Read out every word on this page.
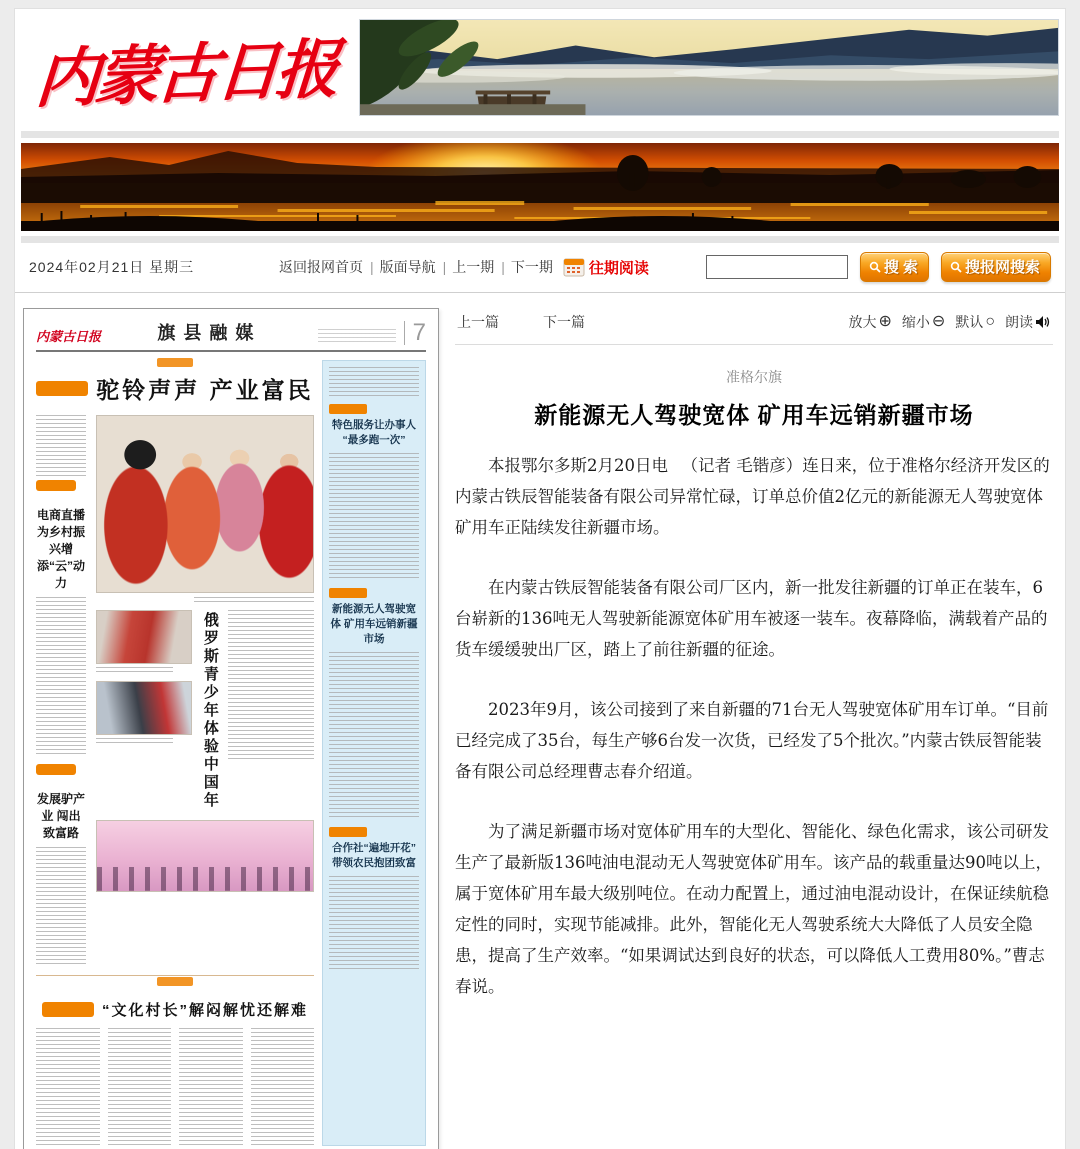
内蒙古日报
2024年02月21日 星期三	返回报网首页 |	版面导航 |	上一期 |	下一期 往期阅读	搜 索	搜报网搜索
内蒙古日报	旗县融媒	7
驼铃声声 产业富民
电商直播为乡村振兴增添“云”动力
发展驴产业 闯出致富路
俄罗斯青少年体验中国年
“文化村长”解闷解忧还解难
特色服务让办事人 “最多跑一次”
新能源无人驾驶宽体 矿用车远销新疆市场
合作社“遍地开花” 带领农民抱团致富
上一篇	下一篇	放大 ⊕ 缩小 ⊖ 默认 ○ 朗读
准格尔旗
新能源无人驾驶宽体 矿用车远销新疆市场

本报鄂尔多斯2月20日电 　（记者 毛锴彦）连日来，位于准格尔经济开发区的内蒙古铁辰智能装备有限公司异常忙碌，订单总价值2亿元的新能源无人驾驶宽体矿用车正陆续发往新疆市场。

在内蒙古铁辰智能装备有限公司厂区内，新一批发往新疆的订单正在装车，6台崭新的136吨无人驾驶新能源宽体矿用车被逐一装车。夜幕降临，满载着产品的货车缓缓驶出厂区，踏上了前往新疆的征途。

2023年9月，该公司接到了来自新疆的71台无人驾驶宽体矿用车订单。“目前已经完成了35台，每生产够6台发一次货，已经发了5个批次。”内蒙古铁辰智能装备有限公司总经理曹志春介绍道。

为了满足新疆市场对宽体矿用车的大型化、智能化、绿色化需求，该公司研发生产了最新版136吨油电混动无人驾驶宽体矿用车。该产品的载重量达90吨以上，属于宽体矿用车最大级别吨位。在动力配置上，通过油电混动设计，在保证续航稳定性的同时，实现节能减排。此外，智能化无人驾驶系统大大降低了人员安全隐患，提高了生产效率。“如果调试达到良好的状态，可以降低人工费用80%。”曹志春说。
